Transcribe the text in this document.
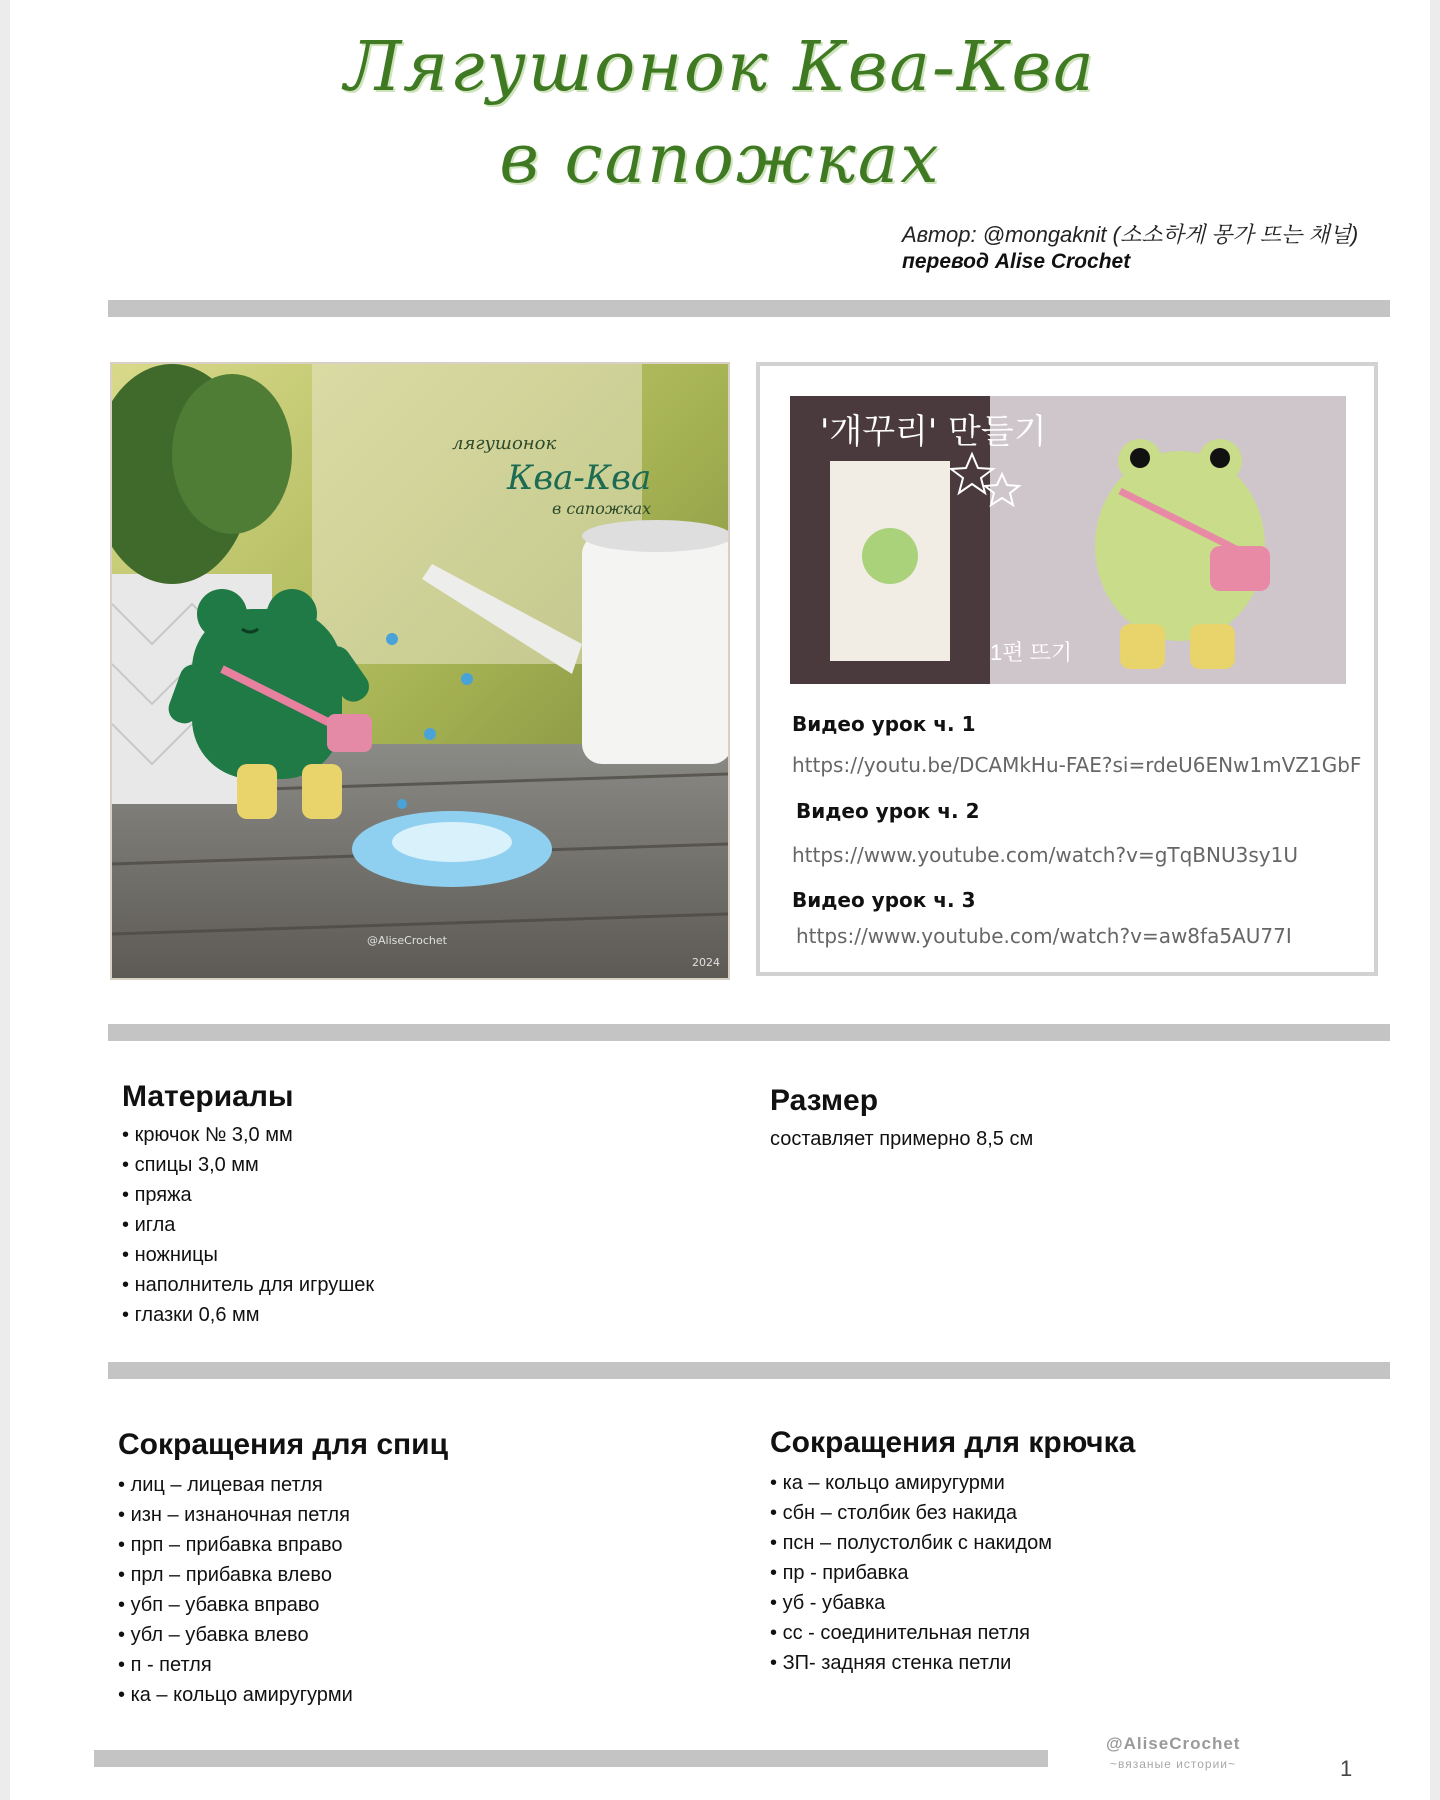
Лягушонок Ква-Ква
в сапожках
Автор: @mongaknit (소소하게 몽가 뜨는 채널)
перевод Alise Crochet
лягушонок
Ква-Ква
в сапожках
@AliseCrochet
2024
'개꾸리' 만들기
1편 뜨기
Видео урок ч. 1
https://youtu.be/DCAMkHu-FAE?si=rdeU6ENw1mVZ1GbF
Видео урок ч. 2
https://www.youtube.com/watch?v=gTqBNU3sy1U
Видео урок ч. 3
https://www.youtube.com/watch?v=aw8fa5AU77I
Материалы
• крючок № 3,0 мм
• спицы 3,0 мм
• пряжа
• игла
• ножницы
• наполнитель для игрушек
• глазки 0,6 мм
Размер
составляет примерно 8,5 см
Сокращения для спиц
• лиц – лицевая петля
• изн – изнаночная петля
• прп – прибавка вправо
• прл – прибавка влево
• убп – убавка вправо
• убл – убавка влево
• п - петля
• ка – кольцо амиругурми
Сокращения для крючка
• ка – кольцо амиругурми
• сбн – столбик без накида
• псн – полустолбик с накидом
• пр - прибавка
• уб - убавка
• сс - соединительная петля
• ЗП- задняя стенка петли
@AliseCrochet
~вязаные истории~	1
